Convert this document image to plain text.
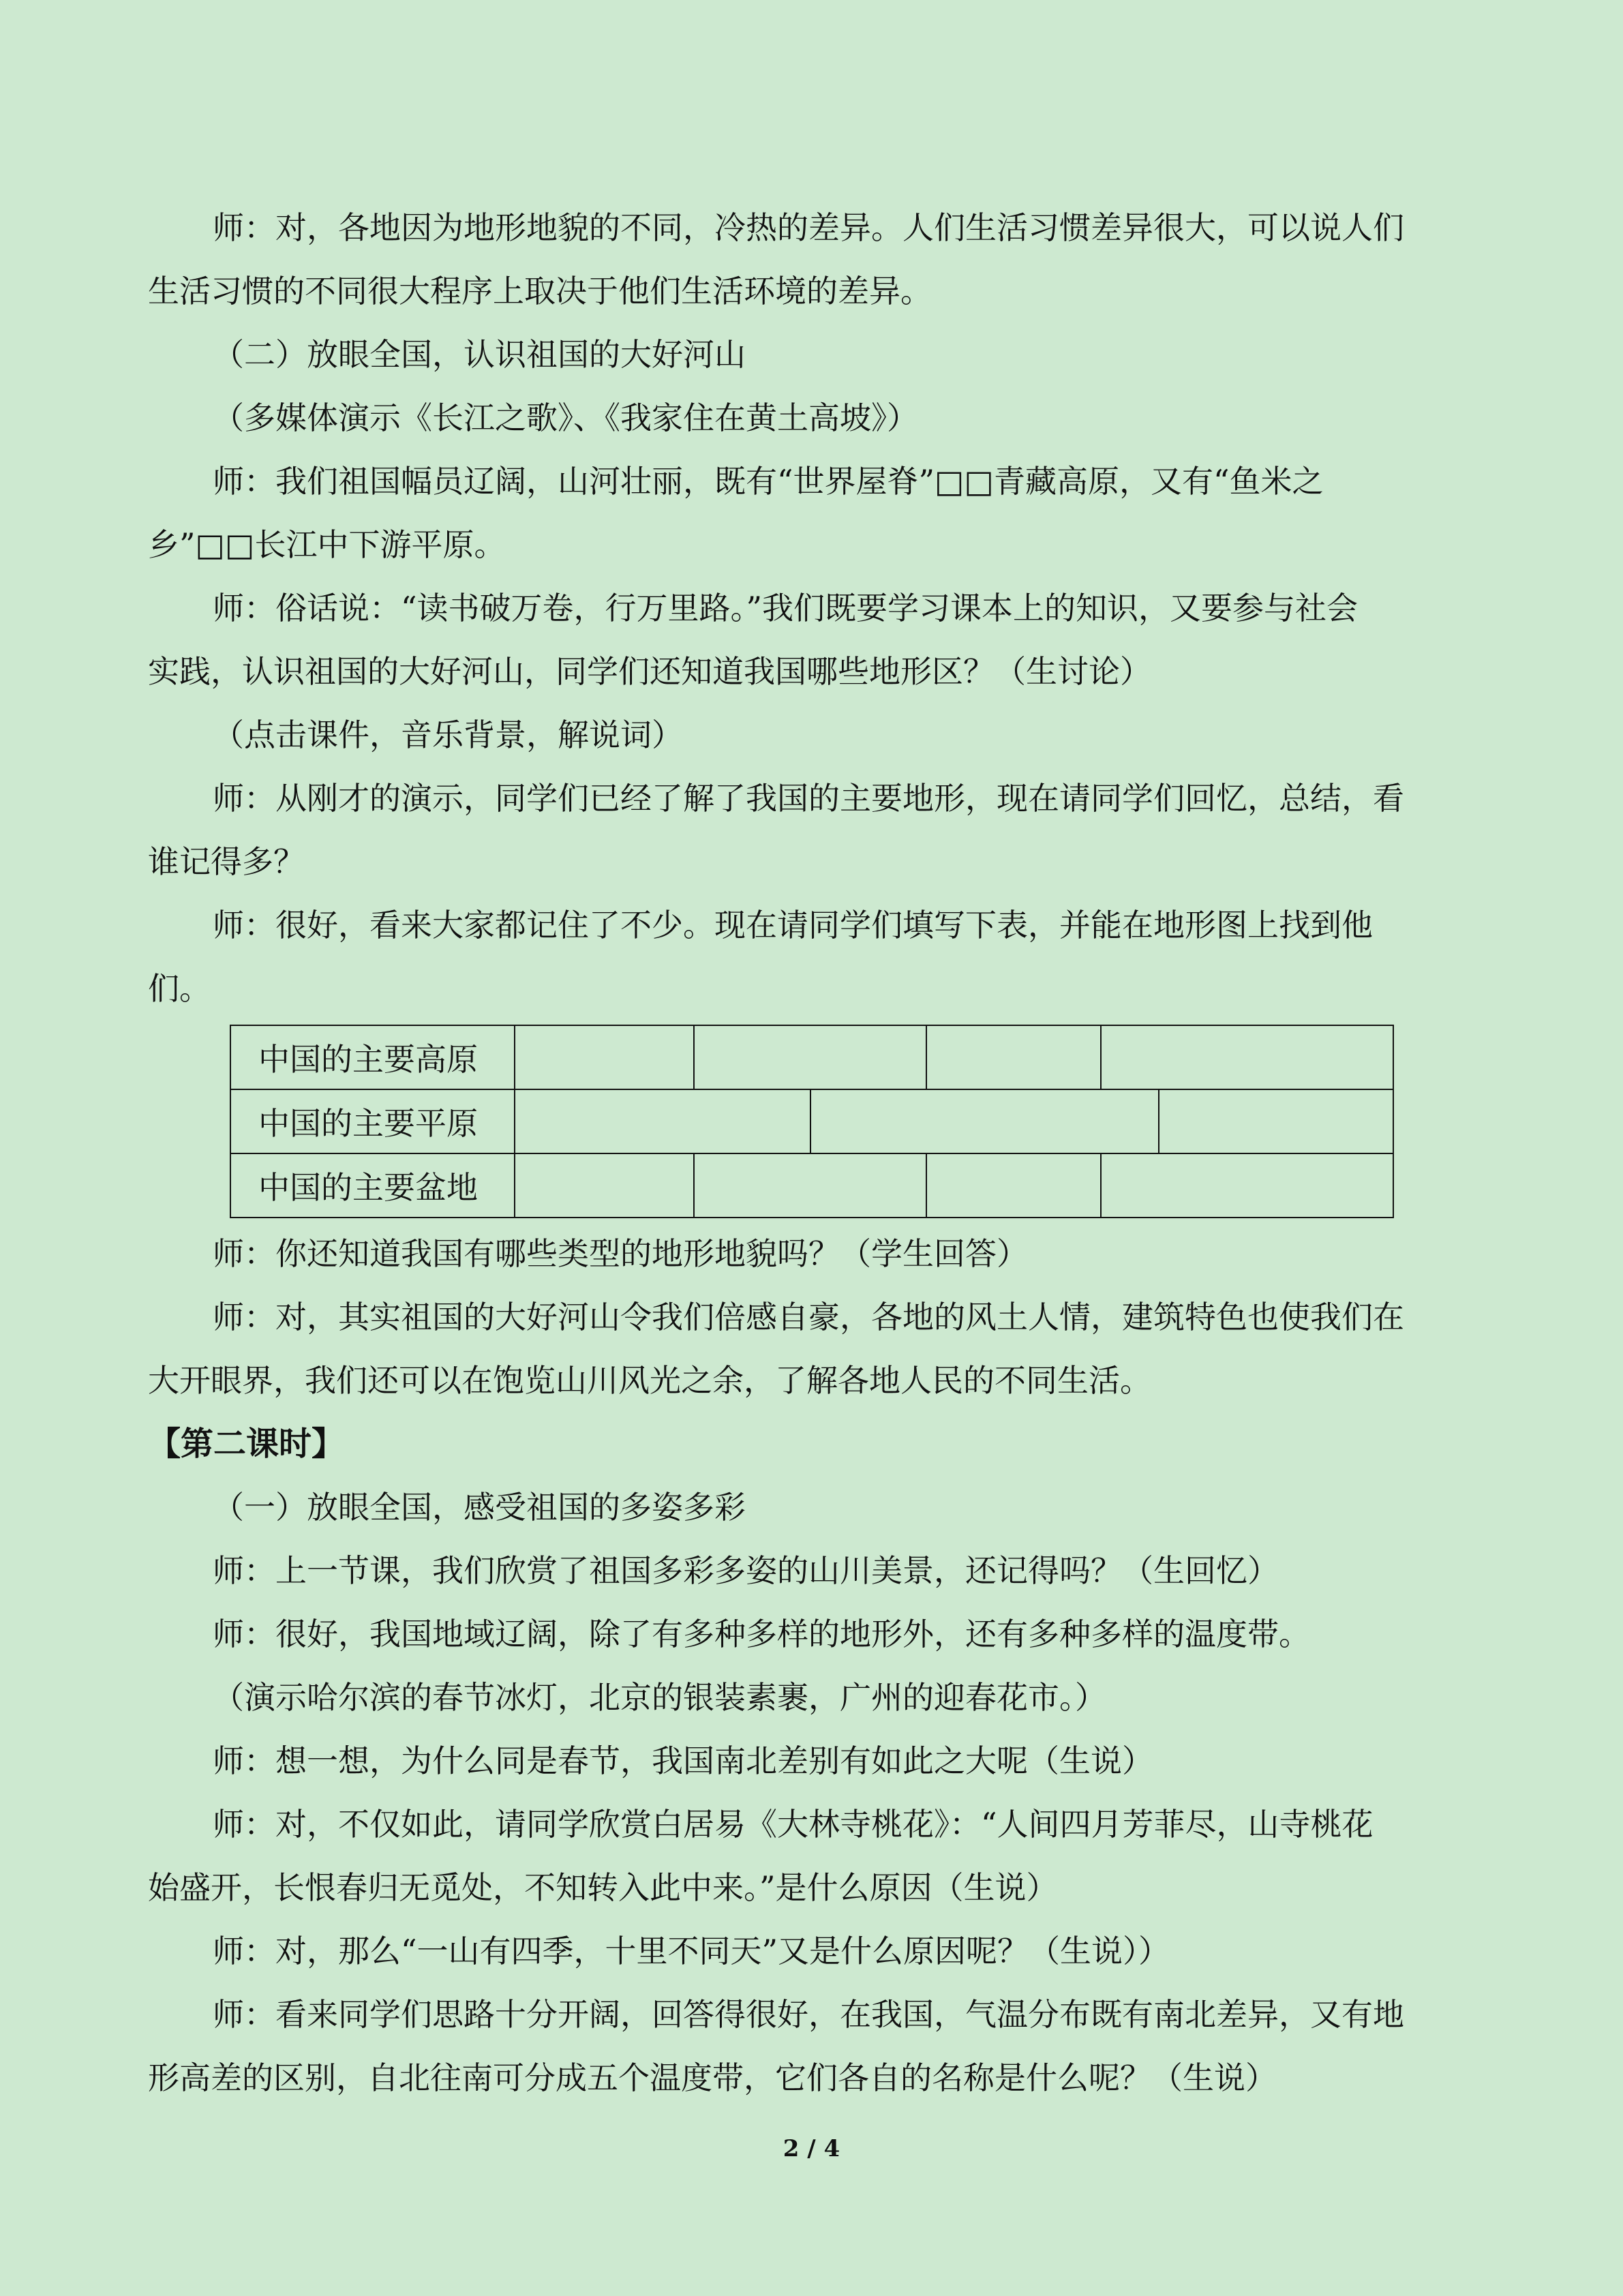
师：对，各地因为地形地貌的不同，冷热的差异。人们生活习惯差异很大，可以说人们
生活习惯的不同很大程序上取决于他们生活环境的差异。
（二）放眼全国，认识祖国的大好河山
（多媒体演示《长江之歌》、《我家住在黄土高坡》）
师：我们祖国幅员辽阔，山河壮丽，既有“世界屋脊”□□青藏高原，又有“鱼米之
乡”□□长江中下游平原。
师：俗话说：“读书破万卷，行万里路。”我们既要学习课本上的知识，又要参与社会
实践，认识祖国的大好河山，同学们还知道我国哪些地形区？（生讨论）
（点击课件，音乐背景，解说词）
师：从刚才的演示，同学们已经了解了我国的主要地形，现在请同学们回忆，总结，看
谁记得多？
师：很好，看来大家都记住了不少。现在请同学们填写下表，并能在地形图上找到他
们。
中国的主要高原						
中国的主要平原						
中国的主要盆地						
师：你还知道我国有哪些类型的地形地貌吗？（学生回答）
师：对，其实祖国的大好河山令我们倍感自豪，各地的风土人情，建筑特色也使我们在
大开眼界，我们还可以在饱览山川风光之余，了解各地人民的不同生活。
【第二课时】
（一）放眼全国，感受祖国的多姿多彩
师：上一节课，我们欣赏了祖国多彩多姿的山川美景，还记得吗？（生回忆）
师：很好，我国地域辽阔，除了有多种多样的地形外，还有多种多样的温度带。
（演示哈尔滨的春节冰灯，北京的银装素裹，广州的迎春花市。）
师：想一想，为什么同是春节，我国南北差别有如此之大呢（生说）
师：对，不仅如此，请同学欣赏白居易《大林寺桃花》：“人间四月芳菲尽，山寺桃花
始盛开，长恨春归无觅处，不知转入此中来。”是什么原因（生说）
师：对，那么“一山有四季，十里不同天”又是什么原因呢？（生说））
师：看来同学们思路十分开阔，回答得很好，在我国，气温分布既有南北差异，又有地
形高差的区别，自北往南可分成五个温度带，它们各自的名称是什么呢？（生说）
2 / 4
